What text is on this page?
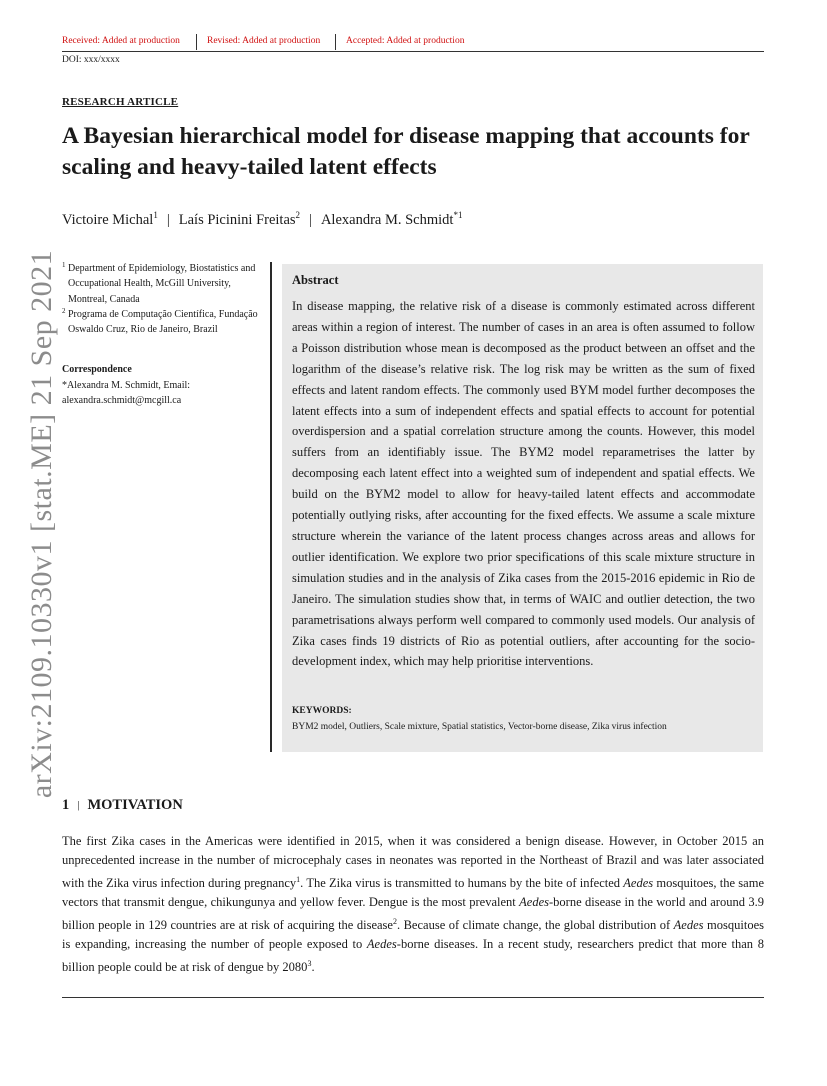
Received: Added at production	Revised: Added at production	Accepted: Added at production
DOI: xxx/xxxx
RESEARCH ARTICLE
A Bayesian hierarchical model for disease mapping that accounts for scaling and heavy-tailed latent effects
Victoire Michal$^1$ | Laís Picinini Freitas$^2$ | Alexandra M. Schmidt$^{*1}$
arXiv:2109.10330v1 [stat.ME] 21 Sep 2021 1 Department of Epidemiology, Biostatistics and Occupational Health, McGill University, Montreal, Canada
2 Programa de Computação Científica, Fundação Oswaldo Cruz, Rio de Janeiro, Brazil
Correspondence
*Alexandra M. Schmidt, Email:
alexandra.schmidt@mcgill.ca
Abstract
In disease mapping, the relative risk of a disease is commonly estimated across different areas within a region of interest. The number of cases in an area is often assumed to follow a Poisson distribution whose mean is decomposed as the product between an offset and the logarithm of the disease’s relative risk. The log risk may be written as the sum of fixed effects and latent random effects. The commonly used BYM model further decomposes the latent effects into a sum of independent effects and spatial effects to account for potential overdispersion and a spatial correlation structure among the counts. However, this model suffers from an identifiably issue. The BYM2 model reparametrises the latter by decomposing each latent effect into a weighted sum of independent and spatial effects. We build on the BYM2 model to allow for heavy-tailed latent effects and accommodate potentially outlying risks, after accounting for the fixed effects. We assume a scale mixture structure wherein the variance of the latent process changes across areas and allows for outlier identification. We explore two prior specifications of this scale mixture structure in simulation studies and in the analysis of Zika cases from the 2015-2016 epidemic in Rio de Janeiro. The simulation studies show that, in terms of WAIC and outlier detection, the two parametrisations always perform well compared to commonly used models. Our analysis of Zika cases finds 19 districts of Rio as potential outliers, after accounting for the socio-development index, which may help prioritise interventions.
KEYWORDS:
BYM2 model, Outliers, Scale mixture, Spatial statistics, Vector-borne disease, Zika virus infection
1 | MOTIVATION
The first Zika cases in the Americas were identified in 2015, when it was considered a benign disease. However, in October 2015 an unprecedented increase in the number of microcephaly cases in neonates was reported in the Northeast of Brazil and was later associated with the Zika virus infection during pregnancy$^1$. The Zika virus is transmitted to humans by the bite of infected Aedes mosquitoes, the same vectors that transmit dengue, chikungunya and yellow fever. Dengue is the most prevalent Aedes-borne disease in the world and around 3.9 billion people in 129 countries are at risk of acquiring the disease$^2$. Because of climate change, the global distribution of Aedes mosquitoes is expanding, increasing the number of people exposed to Aedes-borne diseases. In a recent study, researchers predict that more than 8 billion people could be at risk of dengue by 2080$^3$.
